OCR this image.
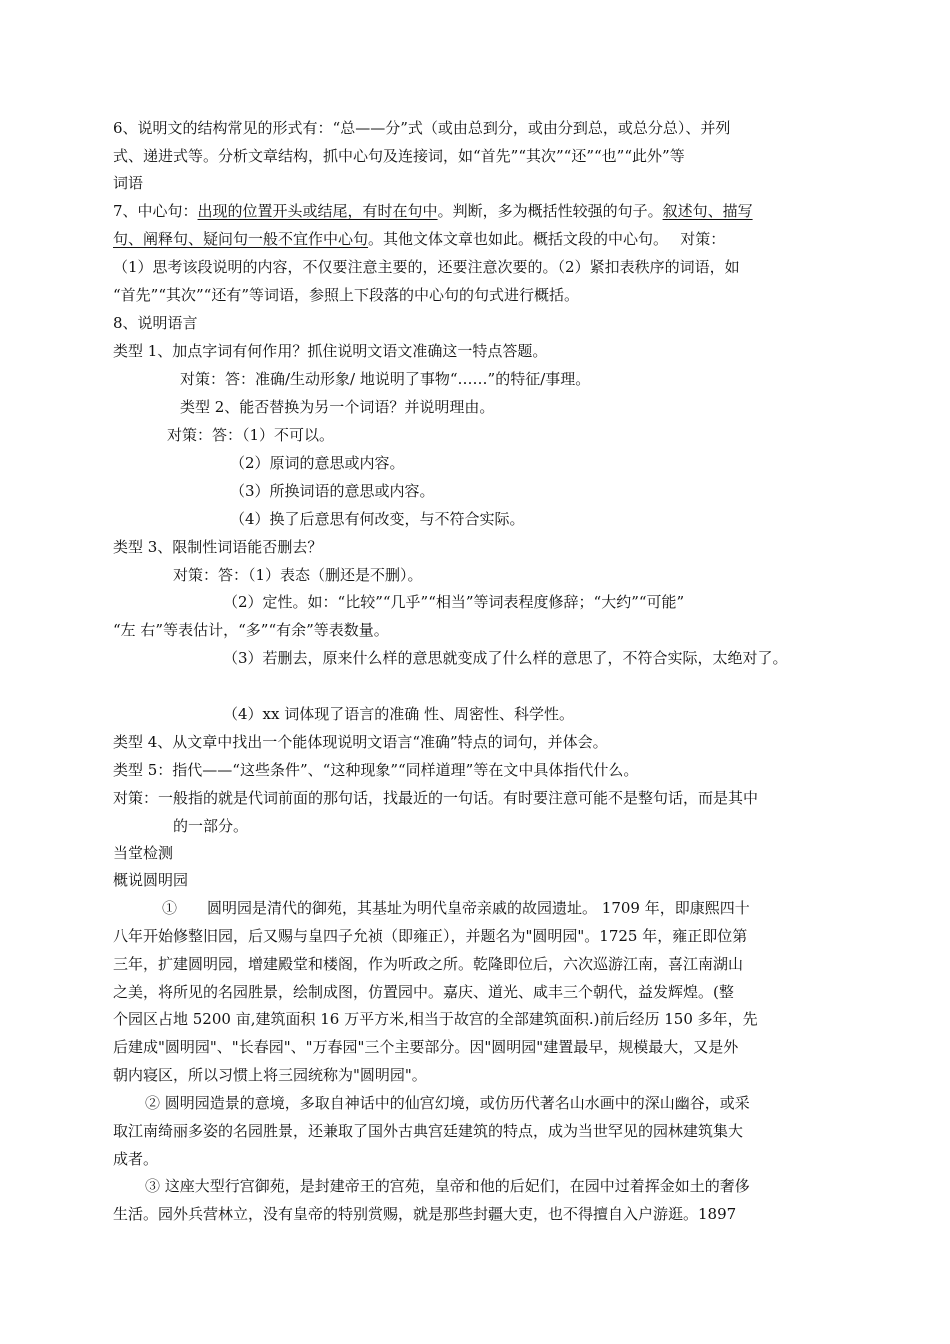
6、说明文的结构常见的形式有：“总——分”式（或由总到分，或由分到总，或总分总）、并列
式、递进式等。分析文章结构，抓中心句及连接词，如“首先”“其次”“还”“也”“此外”等
词语
7、中心句：出现的位置开头或结尾，有时在句中。判断，多为概括性较强的句子。叙述句、描写
句、阐释句、疑问句一般不宜作中心句。其他文体文章也如此。概括文段的中心句。　 对策：
（1）思考该段说明的内容，不仅要注意主要的，还要注意次要的。（2）紧扣表秩序的词语，如
“首先”“其次”“还有”等词语，参照上下段落的中心句的句式进行概括。
8、说明语言
类型 1、加点字词有何作用？抓住说明文语文准确这一特点答题。
对策：答：准确/生动形象/ 地说明了事物“……”的特征/事理。
类型 2、能否替换为另一个词语？并说明理由。
对策：答：（1）不可以。
（2）原词的意思或内容。
（3）所换词语的意思或内容。
（4）换了后意思有何改变，与不符合实际。
类型 3、限制性词语能否删去？
对策：答：（1）表态（删还是不删）。
（2）定性。如：“比较”“几乎”“相当”等词表程度修辞；“大约”“可能”
“左 右”等表估计，“多”“有余”等表数量。
（3）若删去，原来什么样的意思就变成了什么样的意思了，不符合实际，太绝对了。
（4）xx 词体现了语言的准确 性、周密性、科学性。
类型 4、从文章中找出一个能体现说明文语言“准确”特点的词句，并体会。
类型 5：指代——“这些条件”、“这种现象”“同样道理”等在文中具体指代什么。
对策：一般指的就是代词前面的那句话，找最近的一句话。有时要注意可能不是整句话，而是其中
的一部分。
当堂检测
概说圆明园
①　　圆明园是清代的御苑，其基址为明代皇帝亲戚的故园遗址。 1709 年，即康熙四十
八年开始修整旧园，后又赐与皇四子允祯（即雍正），并题名为"圆明园"。1725 年，雍正即位第
三年，扩建圆明园，增建殿堂和楼阁，作为听政之所。乾隆即位后，六次巡游江南，喜江南湖山
之美，将所见的名园胜景，绘制成图，仿置园中。嘉庆、道光、咸丰三个朝代，益发辉煌。(整
个园区占地 5200 亩,建筑面积 16 万平方米,相当于故宫的全部建筑面积.)前后经历 150 多年，先
后建成"圆明园"、"长春园"、"万春园"三个主要部分。因"圆明园"建置最早，规模最大，又是外
朝内寝区，所以习惯上将三园统称为"圆明园"。
② 圆明园造景的意境，多取自神话中的仙宫幻境，或仿历代著名山水画中的深山幽谷，或采
取江南绮丽多姿的名园胜景，还兼取了国外古典宫廷建筑的特点，成为当世罕见的园林建筑集大
成者。
③ 这座大型行宫御苑，是封建帝王的宫苑，皇帝和他的后妃们，在园中过着挥金如土的奢侈
生活。园外兵营林立，没有皇帝的特别赏赐，就是那些封疆大吏，也不得擅自入户游逛。1897
